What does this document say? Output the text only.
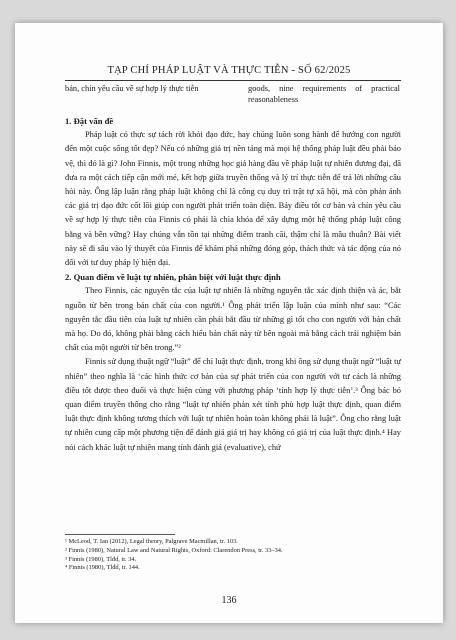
TẠP CHÍ PHÁP LUẬT VÀ THỰC TIỄN - SỐ 62/2025
bản, chín yêu cầu về sự hợp lý thực tiễn	goods, nine requirements of practical reasonableness
1. Đặt vấn đề

Pháp luật có thực sự tách rời khỏi đạo đức, hay chúng luôn song hành để hướng con người đến một cuộc sống tốt đẹp? Nếu có những giá trị nền tảng mà mọi hệ thống pháp luật đều phải bảo vệ, thì đó là gì? John Finnis, một trong những học giả hàng đầu về pháp luật tự nhiên đương đại, đã đưa ra một cách tiếp cận mới mẻ, kết hợp giữa truyền thống và lý trí thực tiễn để trả lời những câu hỏi này. Ông lập luận rằng pháp luật không chỉ là công cụ duy trì trật tự xã hội, mà còn phản ánh các giá trị đạo đức cốt lõi giúp con người phát triển toàn diện. Bảy điều tốt cơ bản và chín yêu cầu về sự hợp lý thực tiễn của Finnis có phải là chìa khóa để xây dựng một hệ thống pháp luật công bằng và bền vững? Hay chúng vẫn tồn tại những điểm tranh cãi, thậm chí là mâu thuẫn? Bài viết này sẽ đi sâu vào lý thuyết của Finnis để khám phá những đóng góp, thách thức và tác động của nó đối với tư duy pháp lý hiện đại.

2. Quan điểm về luật tự nhiên, phân biệt với luật thực định

Theo Finnis, các nguyên tắc của luật tự nhiên là những nguyên tắc xác định thiện và ác, bắt nguồn từ bên trong bản chất của con người.¹ Ông phát triển lập luận của mình như sau: “Các nguyên tắc đầu tiên của luật tự nhiên cần phải bắt đầu từ những gì tốt cho con người với bản chất mà họ. Do đó, không phải bằng cách hiểu bản chất này từ bên ngoài mà bằng cách trải nghiệm bản chất của một người từ bên trong.”²

Finnis sử dụng thuật ngữ “luật” để chỉ luật thực định, trong khi ông sử dụng thuật ngữ “luật tự nhiên” theo nghĩa là ‘các hình thức cơ bản của sự phát triển của con người với tư cách là những điều tốt được theo đuổi và thực hiện cùng với phương pháp ‘tính hợp lý thực tiễn’.³ Ông bác bỏ quan điểm truyền thống cho rằng “luật tự nhiên phản xét tính phù hợp luật thực định, quan điểm luật thực định không tương thích với luật tự nhiên hoàn toàn không phải là luật”. Ông cho rằng luật tự nhiên cung cấp một phương tiện để đánh giá giá trị hay không có giá trị của luật thực định.⁴ Hay nói cách khác luật tự nhiên mang tính đánh giá (evaluative), chứ

¹ McLeod, T. Ian (2012), Legal theory, Palgrave Macmillan, tr. 103.
² Finnis (1980), Natural Law and Natural Rights, Oxford: Clarendon Press, tr. 33–34.
³ Finnis (1980), Tlđd, tr. 34.
⁴ Finnis (1980), Tlđd, tr. 144.
136
